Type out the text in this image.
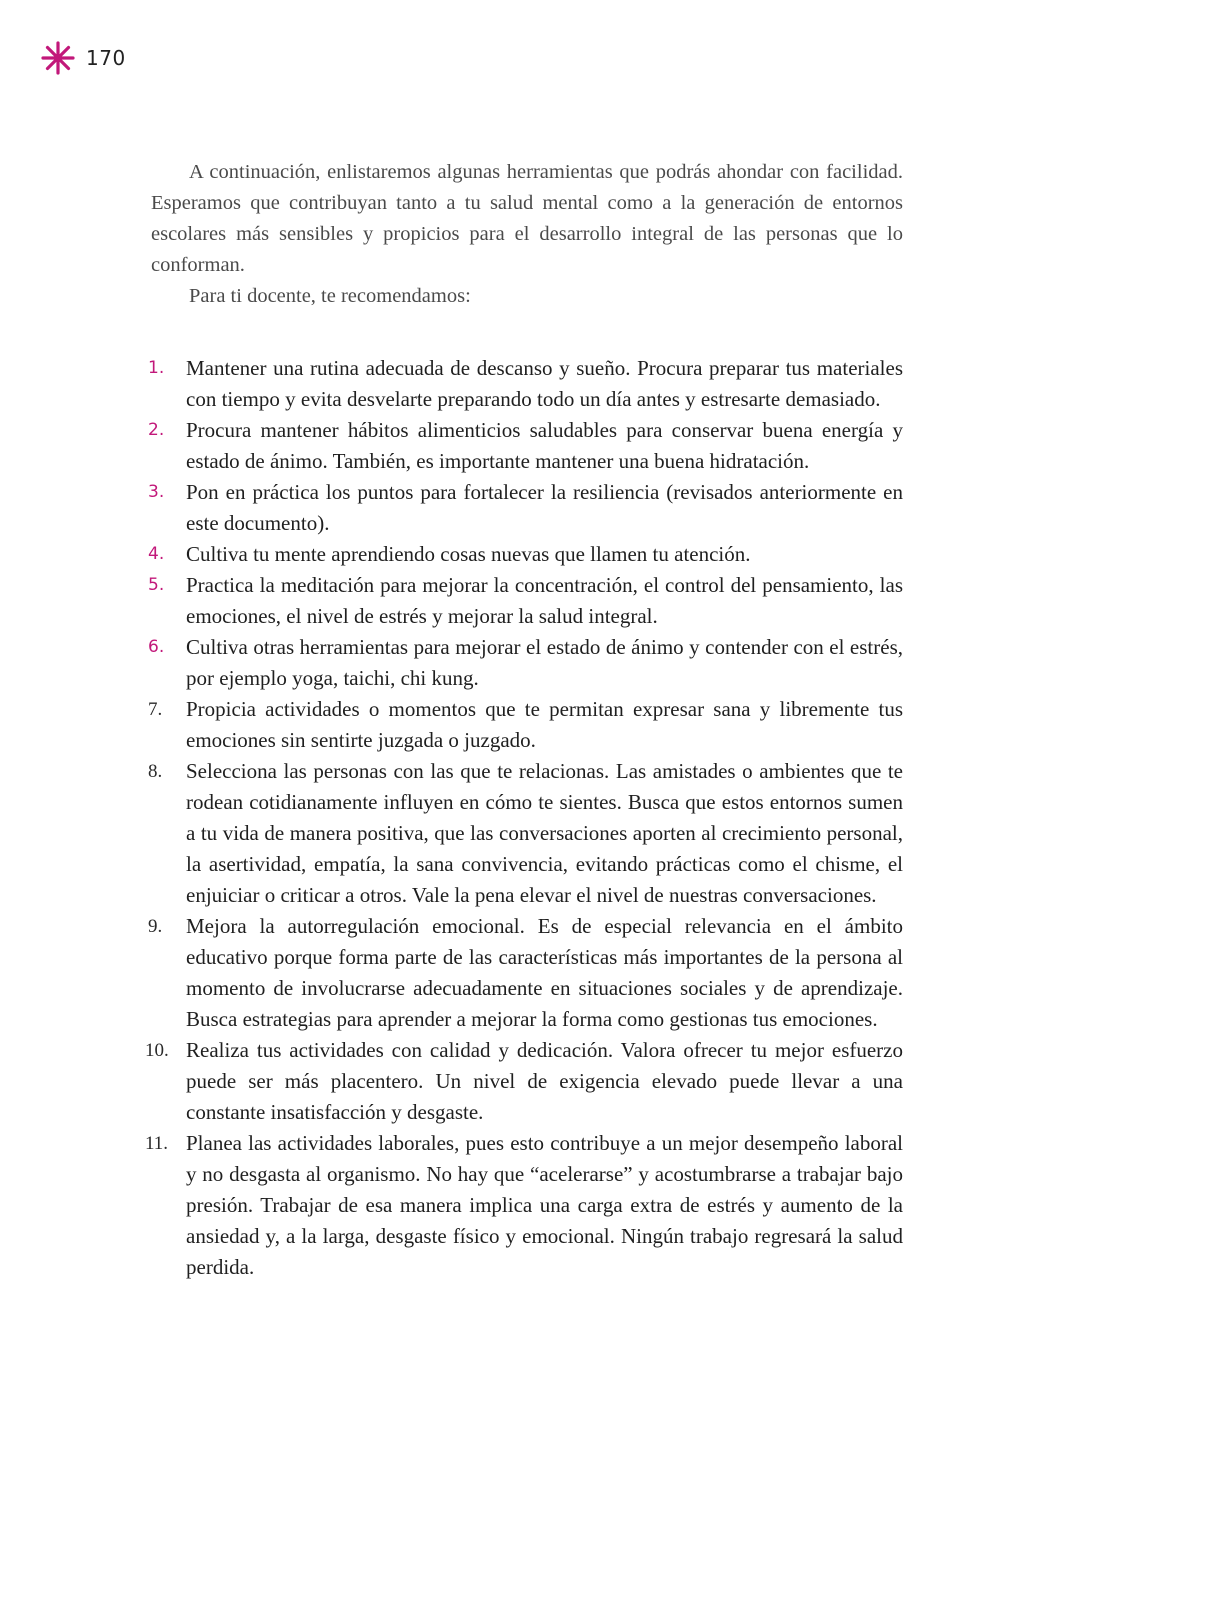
170

A continuación, enlistaremos algunas herramientas que podrás ahondar con facilidad. Esperamos que contribuyan tanto a tu salud mental como a la generación de entornos escolares más sensibles y propicios para el desarrollo integral de las personas que lo conforman.

Para ti docente, te recomendamos:

1.	Mantener una rutina adecuada de descanso y sueño. Procura preparar tus materiales con tiempo y evita desvelarte preparando todo un día antes y estresarte demasiado.
2.	Procura mantener hábitos alimenticios saludables para conservar buena energía y estado de ánimo. También, es importante mantener una buena hidratación.
3.	Pon en práctica los puntos para fortalecer la resiliencia (revisados anteriormente en este documento).
4.	Cultiva tu mente aprendiendo cosas nuevas que llamen tu atención.
5.	Practica la meditación para mejorar la concentración, el control del pensamiento, las emociones, el nivel de estrés y mejorar la salud integral.
6.	Cultiva otras herramientas para mejorar el estado de ánimo y contender con el estrés, por ejemplo yoga, taichi, chi kung.
7.	Propicia actividades o momentos que te permitan expresar sana y libremente tus emociones sin sentirte juzgada o juzgado.
8.	Selecciona las personas con las que te relacionas. Las amistades o ambientes que te rodean cotidianamente influyen en cómo te sientes. Busca que estos entornos sumen a tu vida de manera positiva, que las conversaciones aporten al crecimiento personal, la asertividad, empatía, la sana convivencia, evitando prácticas como el chisme, el enjuiciar o criticar a otros. Vale la pena elevar el nivel de nuestras conversaciones.
9.	Mejora la autorregulación emocional. Es de especial relevancia en el ámbito educativo porque forma parte de las características más importantes de la persona al momento de involucrarse adecuadamente en situaciones sociales y de aprendizaje. Busca estrategias para aprender a mejorar la forma como gestionas tus emociones.
10. Realiza tus actividades con calidad y dedicación. Valora ofrecer tu mejor esfuerzo puede ser más placentero. Un nivel de exigencia elevado puede llevar a una constante insatisfacción y desgaste.
11. Planea las actividades laborales, pues esto contribuye a un mejor desempeño laboral y no desgasta al organismo. No hay que “acelerarse” y acostumbrarse a trabajar bajo presión. Trabajar de esa manera implica una carga extra de estrés y aumento de la ansiedad y, a la larga, desgaste físico y emocional. Ningún trabajo regresará la salud perdida.
